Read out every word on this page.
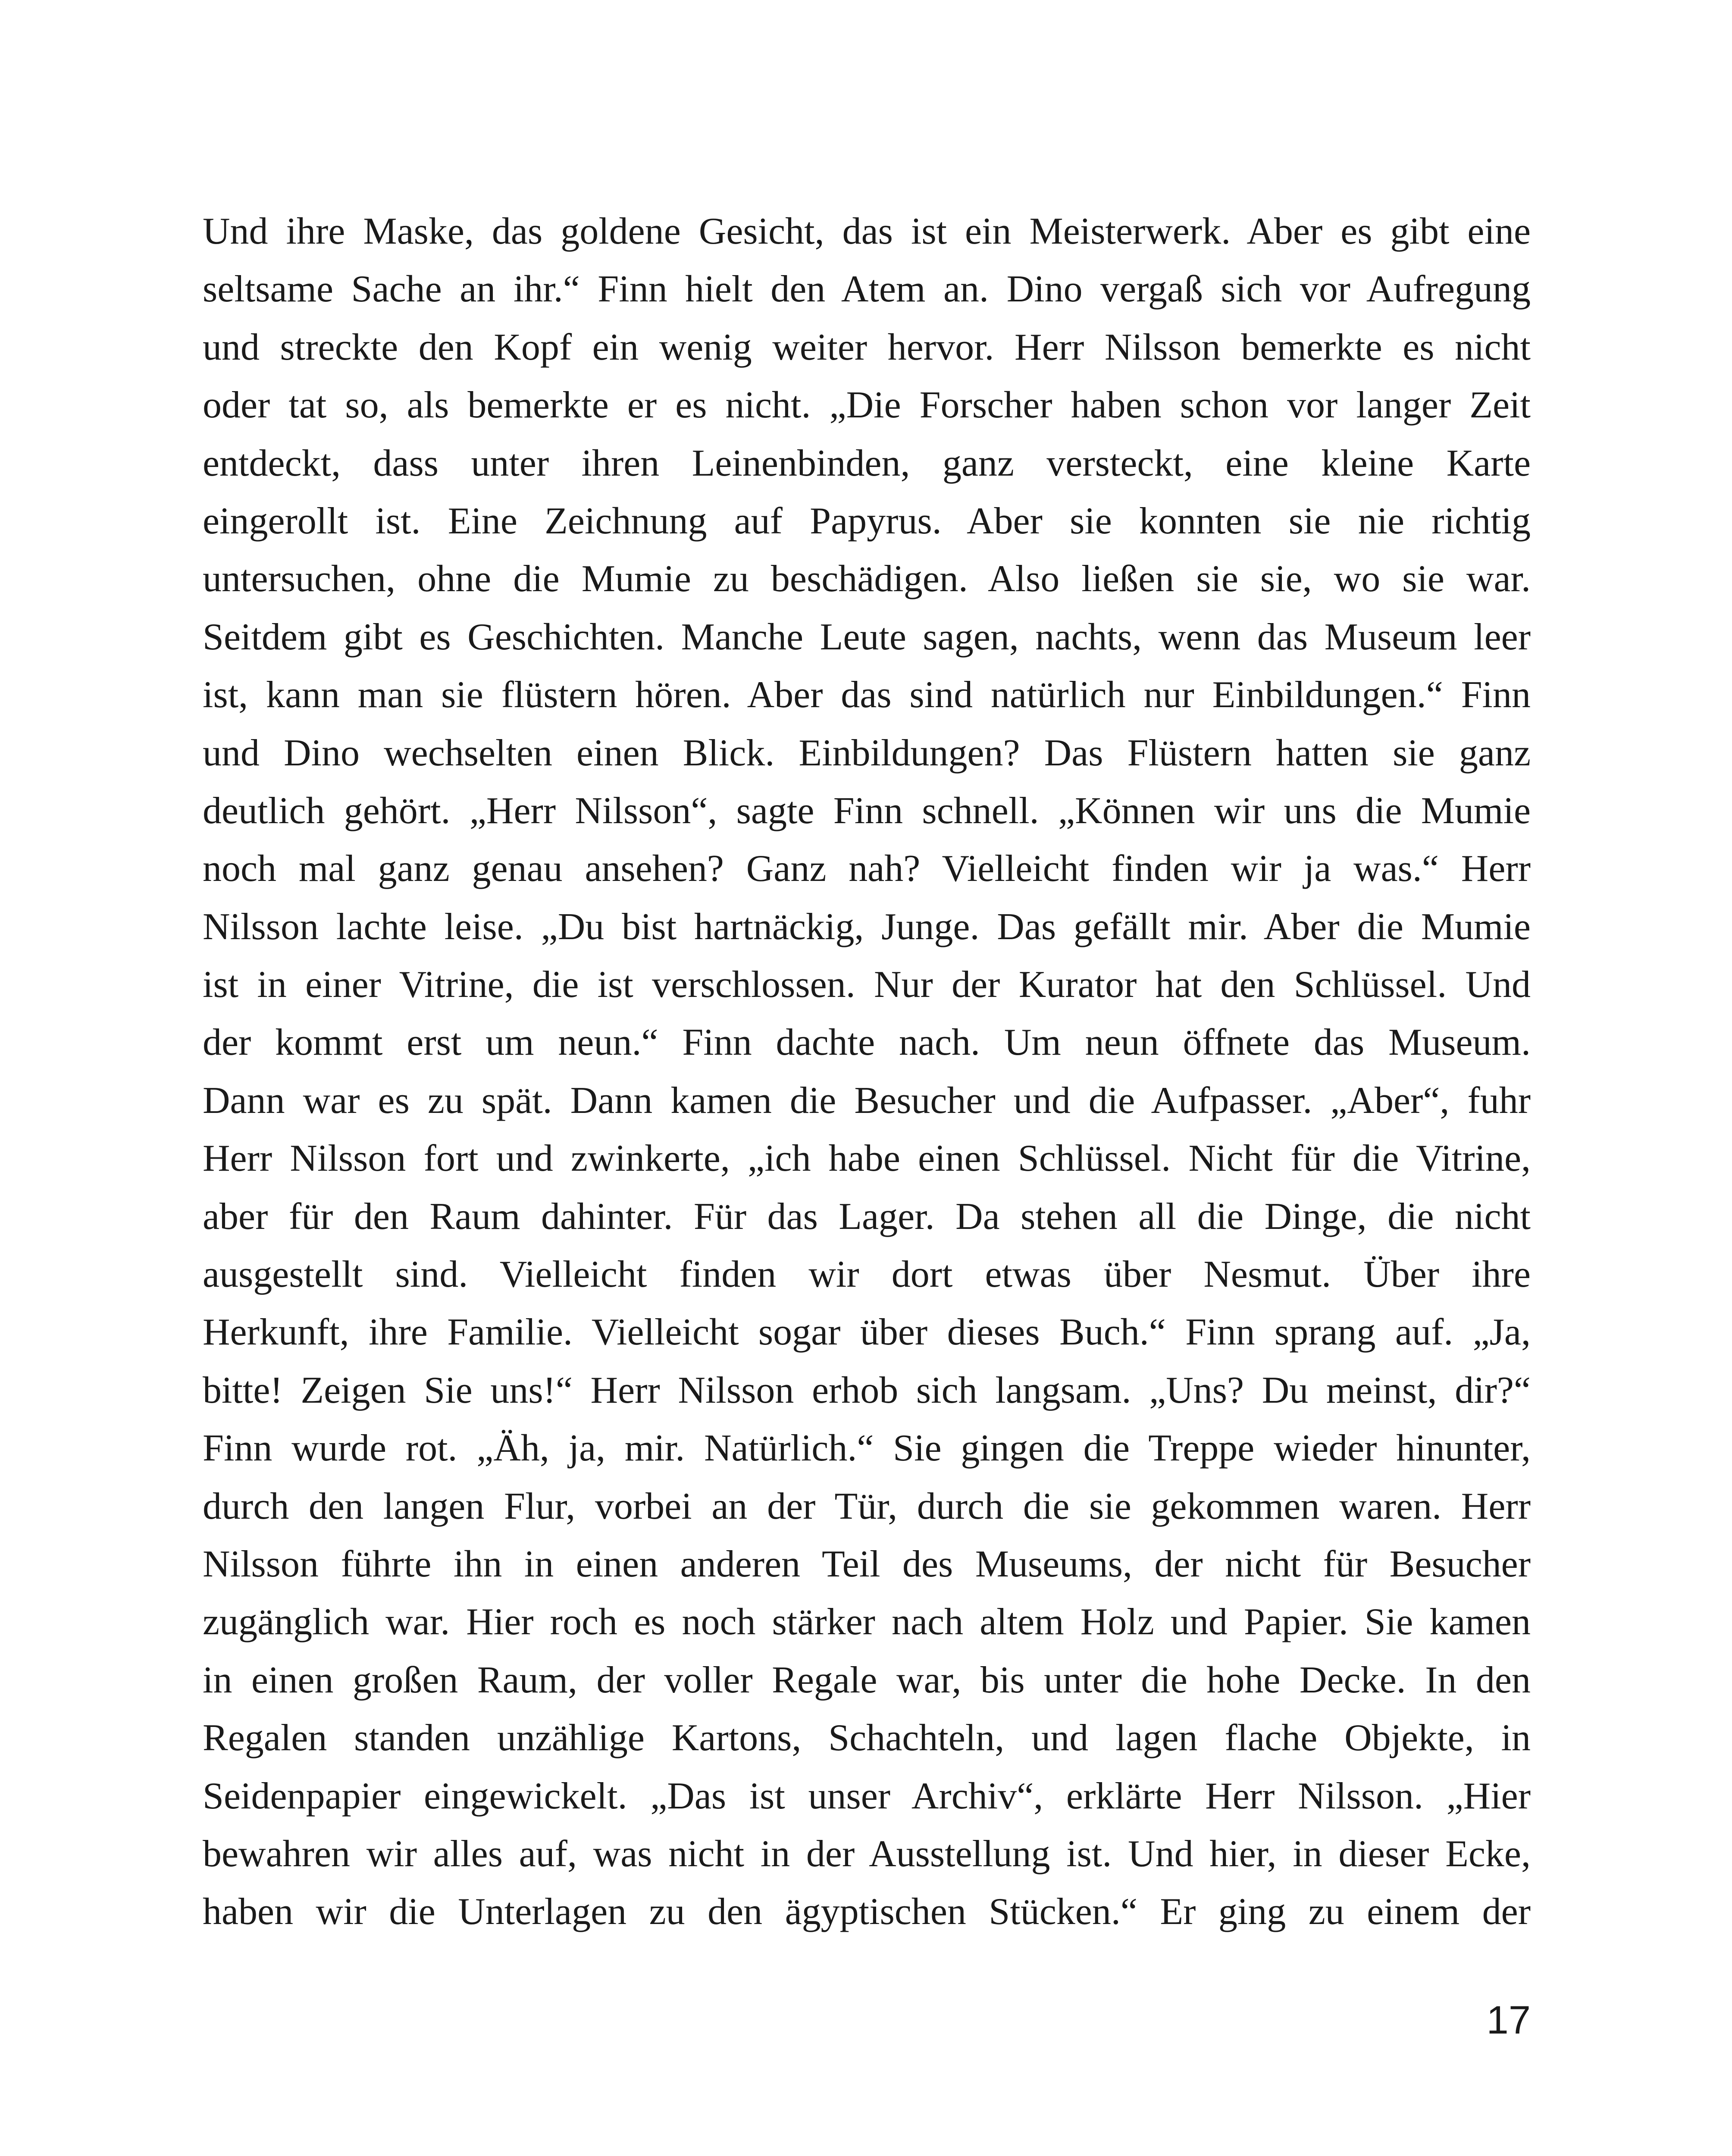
Und ihre Maske, das goldene Gesicht, das ist ein Meisterwerk. Aber es gibt eine
seltsame Sache an ihr.“ Finn hielt den Atem an. Dino vergaß sich vor Aufregung
und streckte den Kopf ein wenig weiter hervor. Herr Nilsson bemerkte es nicht
oder tat so, als bemerkte er es nicht. „Die Forscher haben schon vor langer Zeit
entdeckt, dass unter ihren Leinenbinden, ganz versteckt, eine kleine Karte
eingerollt ist. Eine Zeichnung auf Papyrus. Aber sie konnten sie nie richtig
untersuchen, ohne die Mumie zu beschädigen. Also ließen sie sie, wo sie war.
Seitdem gibt es Geschichten. Manche Leute sagen, nachts, wenn das Museum leer
ist, kann man sie flüstern hören. Aber das sind natürlich nur Einbildungen.“ Finn
und Dino wechselten einen Blick. Einbildungen? Das Flüstern hatten sie ganz
deutlich gehört. „Herr Nilsson“, sagte Finn schnell. „Können wir uns die Mumie
noch mal ganz genau ansehen? Ganz nah? Vielleicht finden wir ja was.“ Herr
Nilsson lachte leise. „Du bist hartnäckig, Junge. Das gefällt mir. Aber die Mumie
ist in einer Vitrine, die ist verschlossen. Nur der Kurator hat den Schlüssel. Und
der kommt erst um neun.“ Finn dachte nach. Um neun öffnete das Museum.
Dann war es zu spät. Dann kamen die Besucher und die Aufpasser. „Aber“, fuhr
Herr Nilsson fort und zwinkerte, „ich habe einen Schlüssel. Nicht für die Vitrine,
aber für den Raum dahinter. Für das Lager. Da stehen all die Dinge, die nicht
ausgestellt sind. Vielleicht finden wir dort etwas über Nesmut. Über ihre
Herkunft, ihre Familie. Vielleicht sogar über dieses Buch.“ Finn sprang auf. „Ja,
bitte! Zeigen Sie uns!“ Herr Nilsson erhob sich langsam. „Uns? Du meinst, dir?“
Finn wurde rot. „Äh, ja, mir. Natürlich.“ Sie gingen die Treppe wieder hinunter,
durch den langen Flur, vorbei an der Tür, durch die sie gekommen waren. Herr
Nilsson führte ihn in einen anderen Teil des Museums, der nicht für Besucher
zugänglich war. Hier roch es noch stärker nach altem Holz und Papier. Sie kamen
in einen großen Raum, der voller Regale war, bis unter die hohe Decke. In den
Regalen standen unzählige Kartons, Schachteln, und lagen flache Objekte, in
Seidenpapier eingewickelt. „Das ist unser Archiv“, erklärte Herr Nilsson. „Hier
bewahren wir alles auf, was nicht in der Ausstellung ist. Und hier, in dieser Ecke,
haben wir die Unterlagen zu den ägyptischen Stücken.“ Er ging zu einem der
17
